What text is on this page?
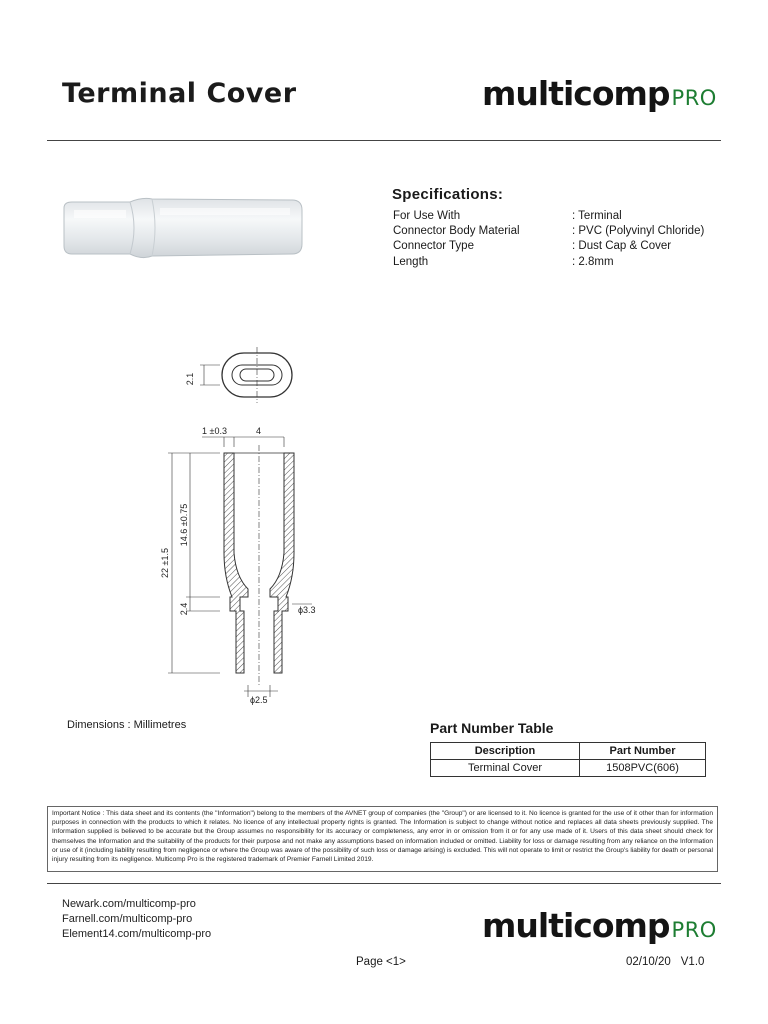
Terminal Cover	multicomp PRO
Specifications:
For Use With	: Terminal
Connector Body Material	: PVC (Polyvinyl Chloride)
Connector Type	: Dust Cap & Cover
Length	: 2.8mm
2.1
1 ±0.3	4
22 ±1.5
14.6 ±0.75
2.4	ϕ3.3
ϕ2.5
Dimensions : Millimetres	Part Number Table
Description	Part Number
Terminal Cover	1508PVC(606)
Important Notice : This data sheet and its contents (the "Information") belong to the members of the AVNET group of companies (the "Group") or are licensed to it. No licence is granted for the use of it other than for information purposes in connection with the products to which it relates. No licence of any intellectual property rights is granted. The Information is subject to change without notice and replaces all data sheets previously supplied. The Information supplied is believed to be accurate but the Group assumes no responsibility for its accuracy or completeness, any error in or omission from it or for any use made of it. Users of this data sheet should check for themselves the Information and the suitability of the products for their purpose and not make any assumptions based on information included or omitted. Liability for loss or damage resulting from any reliance on the Information or use of it (including liability resulting from negligence or where the Group was aware of the possibility of such loss or damage arising) is excluded. This will not operate to limit or restrict the Group's liability for death or personal injury resulting from its negligence. Multicomp Pro is the registered trademark of Premier Farnell Limited 2019.
Newark.com/multicomp-pro
Farnell.com/multicomp-pro
Element14.com/multicomp-pro	multicomp PRO
Page <1>	02/10/20 V1.0
